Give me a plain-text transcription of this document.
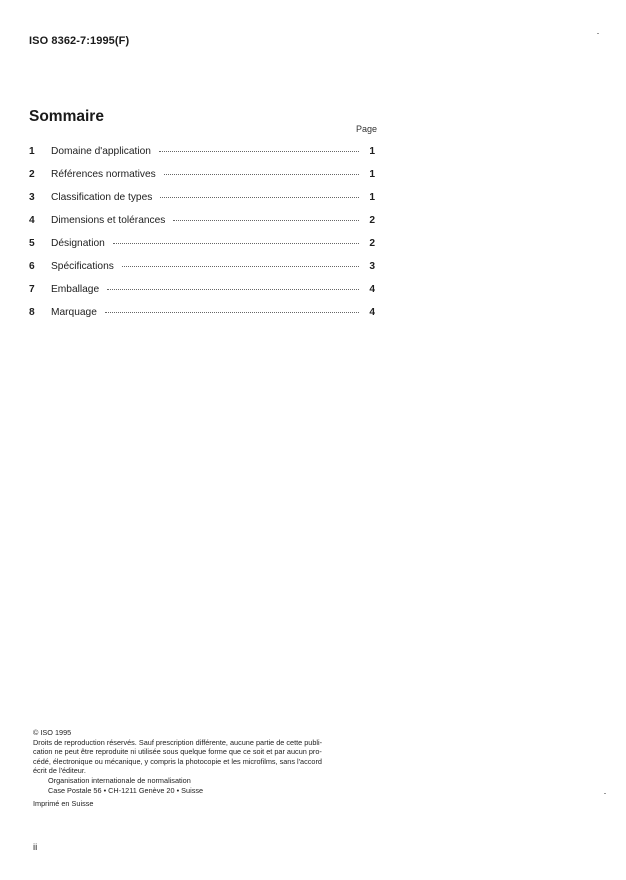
ISO 8362-7:1995(F)
Sommaire
Page
1	Domaine d'application	1
2	Références normatives	1
3	Classification de types	1
4	Dimensions et tolérances	2
5	Désignation	2
6	Spécifications	3
7	Emballage	4
8	Marquage	4

© ISO 1995

Droits de reproduction réservés. Sauf prescription différente, aucune partie de cette publi-

cation ne peut être reproduite ni utilisée sous quelque forme que ce soit et par aucun pro-

cédé, électronique ou mécanique, y compris la photocopie et les microfilms, sans l'accord

écrit de l'éditeur.

Organisation internationale de normalisation

Case Postale 56 • CH-1211 Genève 20 • Suisse

Imprimé en Suisse

ii
